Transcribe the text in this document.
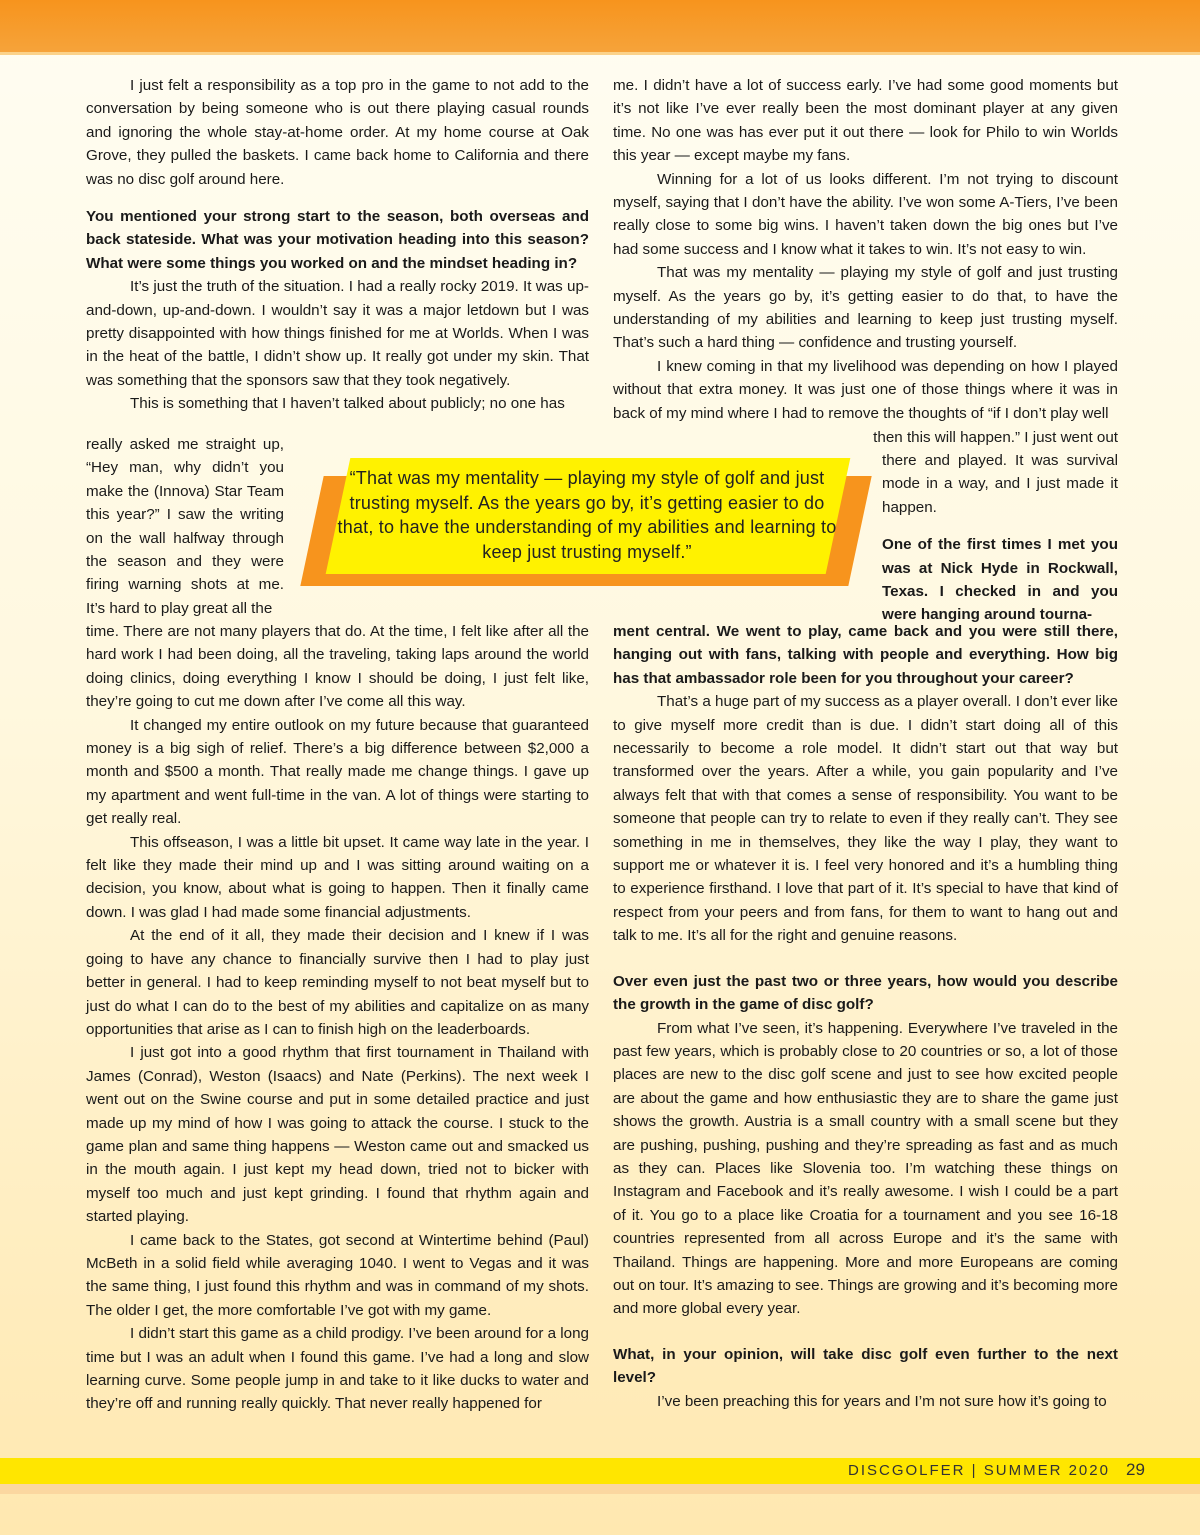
I just felt a responsibility as a top pro in the game to not add to the conversation by being someone who is out there playing casual rounds and ignoring the whole stay-at-home order. At my home course at Oak Grove, they pulled the baskets. I came back home to California and there was no disc golf around here.

You mentioned your strong start to the season, both overseas and back stateside. What was your motivation heading into this season? What were some things you worked on and the mindset heading in?

It’s just the truth of the situation. I had a really rocky 2019. It was up-and-down, up-and-down. I wouldn’t say it was a major letdown but I was pretty disappointed with how things finished for me at Worlds. When I was in the heat of the battle, I didn’t show up. It really got under my skin. That was something that the sponsors saw that they took negatively.

This is something that I haven’t talked about publicly; no one has

really asked me straight up, “Hey man, why didn’t you make the (Innova) Star Team this year?” I saw the writing on the wall halfway through the season and they were firing warning shots at me. It’s hard to play great all the

time. There are not many players that do. At the time, I felt like after all the hard work I had been doing, all the traveling, taking laps around the world doing clinics, doing everything I know I should be doing, I just felt like, they’re going to cut me down after I’ve come all this way.

It changed my entire outlook on my future because that guaranteed money is a big sigh of relief. There’s a big difference between $2,000 a month and $500 a month. That really made me change things. I gave up my apartment and went full-time in the van. A lot of things were starting to get really real.

This offseason, I was a little bit upset. It came way late in the year. I felt like they made their mind up and I was sitting around waiting on a decision, you know, about what is going to happen. Then it finally came down. I was glad I had made some financial adjustments.

At the end of it all, they made their decision and I knew if I was going to have any chance to financially survive then I had to play just better in general. I had to keep reminding myself to not beat myself but to just do what I can do to the best of my abilities and capitalize on as many opportunities that arise as I can to finish high on the leaderboards.

I just got into a good rhythm that first tournament in Thailand with James (Conrad), Weston (Isaacs) and Nate (Perkins). The next week I went out on the Swine course and put in some detailed practice and just made up my mind of how I was going to attack the course. I stuck to the game plan and same thing happens — Weston came out and smacked us in the mouth again. I just kept my head down, tried not to bicker with myself too much and just kept grinding. I found that rhythm again and started playing.

I came back to the States, got second at Wintertime behind (Paul) McBeth in a solid field while averaging 1040. I went to Vegas and it was the same thing, I just found this rhythm and was in command of my shots. The older I get, the more comfortable I’ve got with my game.

I didn’t start this game as a child prodigy. I’ve been around for a long time but I was an adult when I found this game. I’ve had a long and slow learning curve. Some people jump in and take to it like ducks to water and they’re off and running really quickly. That never really happened for

me. I didn’t have a lot of success early. I’ve had some good moments but it’s not like I’ve ever really been the most dominant player at any given time. No one was has ever put it out there — look for Philo to win Worlds this year — except maybe my fans.

Winning for a lot of us looks different. I’m not trying to discount myself, saying that I don’t have the ability. I’ve won some A-Tiers, I’ve been really close to some big wins. I haven’t taken down the big ones but I’ve had some success and I know what it takes to win. It’s not easy to win.

That was my mentality — playing my style of golf and just trusting myself. As the years go by, it’s getting easier to do that, to have the understanding of my abilities and learning to keep just trusting myself. That’s such a hard thing — confidence and trusting yourself.

I knew coming in that my livelihood was depending on how I played without that extra money. It was just one of those things where it was in back of my mind where I had to remove the thoughts of “if I don’t play well

then this will happen.” I just went out

there and played. It was survival mode in a way, and I just made it happen.

One of the first times I met you was at Nick Hyde in Rockwall, Texas. I checked in and you were hanging around tourna-

ment central. We went to play, came back and you were still there, hanging out with fans, talking with people and everything. How big has that ambassador role been for you throughout your career?

That’s a huge part of my success as a player overall. I don’t ever like to give myself more credit than is due. I didn’t start doing all of this necessarily to become a role model. It didn’t start out that way but transformed over the years. After a while, you gain popularity and I’ve always felt that with that comes a sense of responsibility. You want to be someone that people can try to relate to even if they really can’t. They see something in me in themselves, they like the way I play, they want to support me or whatever it is. I feel very honored and it’s a humbling thing to experience firsthand. I love that part of it. It’s special to have that kind of respect from your peers and from fans, for them to want to hang out and talk to me. It’s all for the right and genuine reasons.

Over even just the past two or three years, how would you describe the growth in the game of disc golf?

From what I’ve seen, it’s happening. Everywhere I’ve traveled in the past few years, which is probably close to 20 countries or so, a lot of those places are new to the disc golf scene and just to see how excited people are about the game and how enthusiastic they are to share the game just shows the growth. Austria is a small country with a small scene but they are pushing, pushing, pushing and they’re spreading as fast and as much as they can. Places like Slovenia too. I’m watching these things on Instagram and Facebook and it’s really awesome. I wish I could be a part of it. You go to a place like Croatia for a tournament and you see 16-18 countries represented from all across Europe and it’s the same with Thailand. Things are happening. More and more Europeans are coming out on tour. It’s amazing to see. Things are growing and it’s becoming more and more global every year.

What, in your opinion, will take disc golf even further to the next level?

I’ve been preaching this for years and I’m not sure how it’s going to

“That was my mentality — playing my style of golf and just trusting myself. As the years go by, it’s getting easier to do that, to have the understanding of my abilities and learning to keep just trusting myself.”
DISCGOLFER | SUMMER 2020 29
